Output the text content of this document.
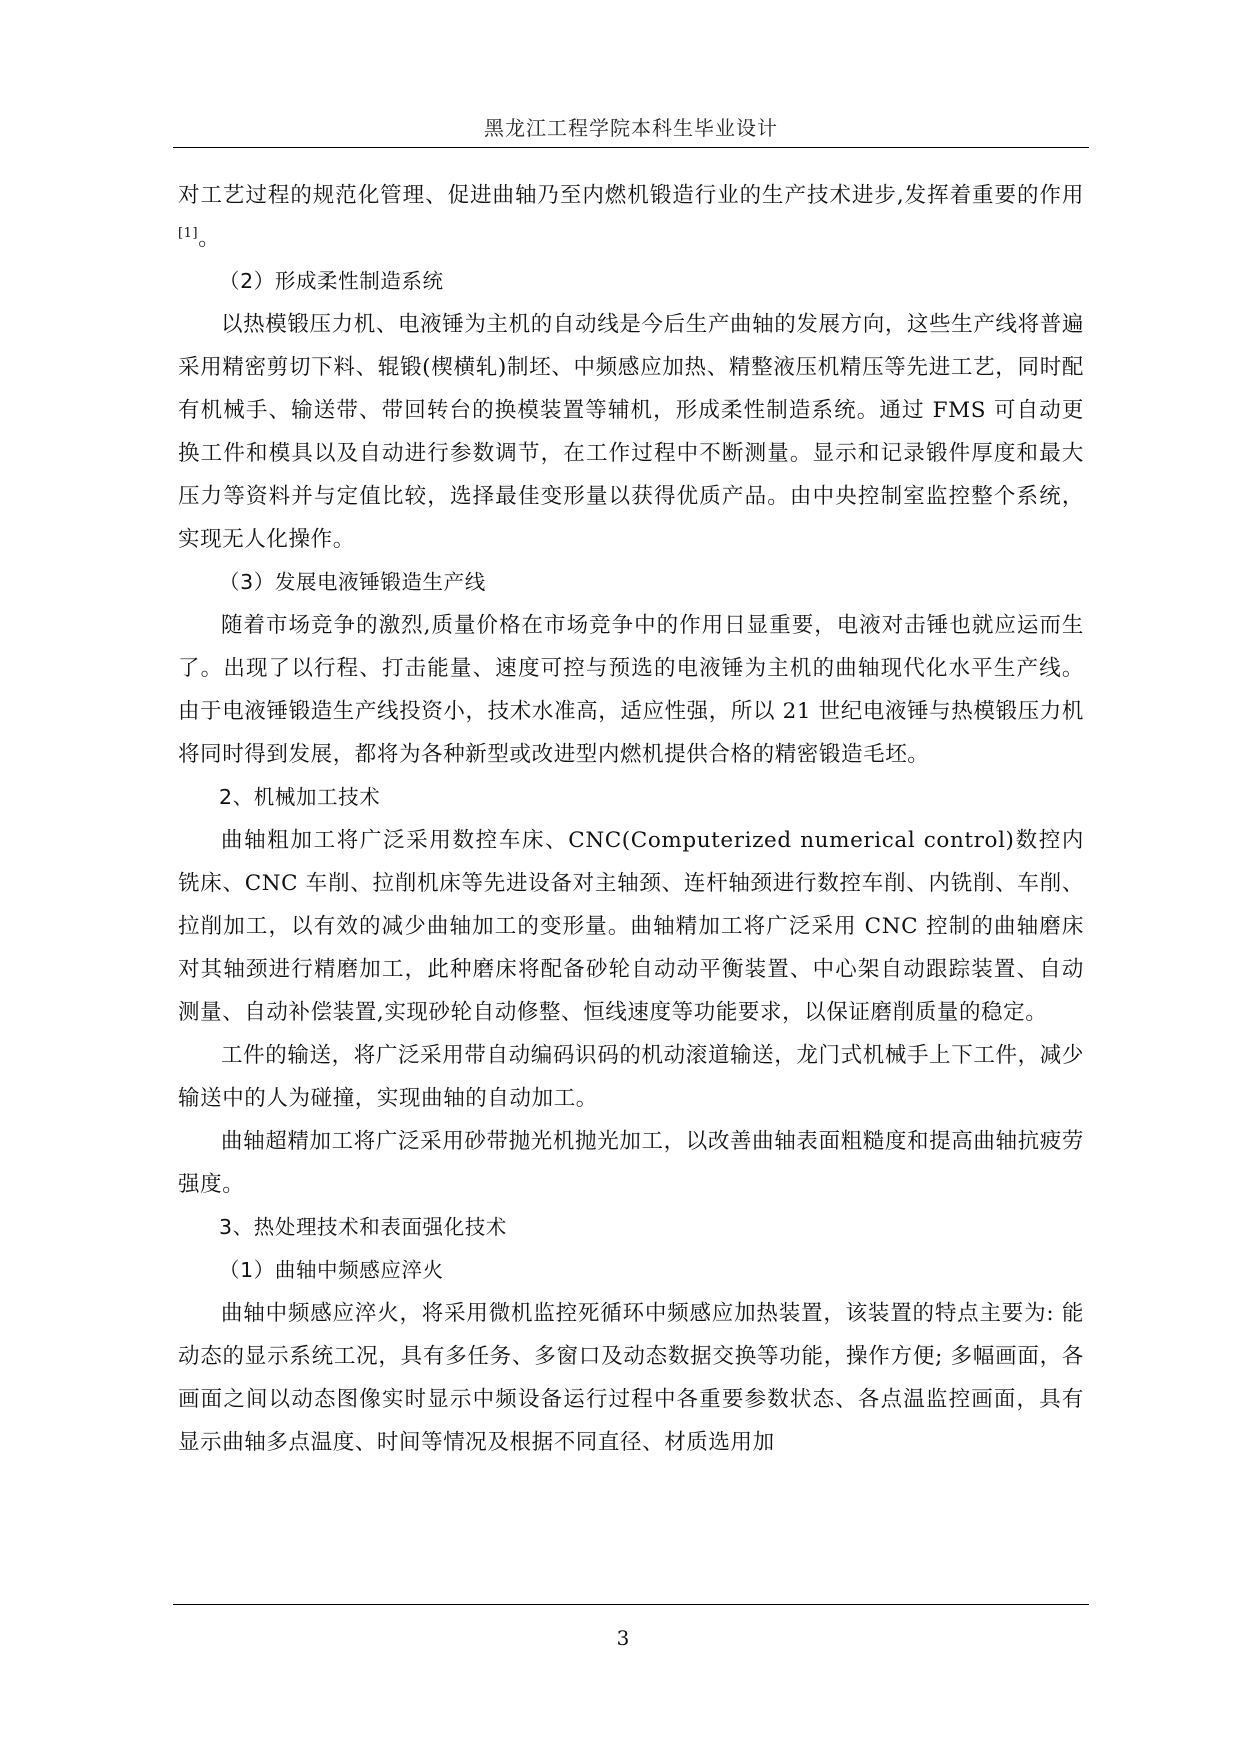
黑龙江工程学院本科生毕业设计

对工艺过程的规范化管理、促进曲轴乃至内燃机锻造行业的生产技术进步,发挥着重要的作用[1]。

（2）形成柔性制造系统

以热模锻压力机、电液锤为主机的自动线是今后生产曲轴的发展方向，这些生产线将普遍采用精密剪切下料、辊锻(楔横轧)制坯、中频感应加热、精整液压机精压等先进工艺，同时配有机械手、输送带、带回转台的换模装置等辅机，形成柔性制造系统。通过 FMS 可自动更换工件和模具以及自动进行参数调节，在工作过程中不断测量。显示和记录锻件厚度和最大压力等资料并与定值比较，选择最佳变形量以获得优质产品。由中央控制室监控整个系统，实现无人化操作。

（3）发展电液锤锻造生产线

随着市场竞争的激烈,质量价格在市场竞争中的作用日显重要，电液对击锤也就应运而生了。出现了以行程、打击能量、速度可控与预选的电液锤为主机的曲轴现代化水平生产线。由于电液锤锻造生产线投资小，技术水准高，适应性强，所以 21 世纪电液锤与热模锻压力机将同时得到发展，都将为各种新型或改进型内燃机提供合格的精密锻造毛坯。

2、机械加工技术

曲轴粗加工将广泛采用数控车床、CNC(Computerized numerical control)数控内铣床、CNC 车削、拉削机床等先进设备对主轴颈、连杆轴颈进行数控车削、内铣削、车削、拉削加工，以有效的减少曲轴加工的变形量。曲轴精加工将广泛采用 CNC 控制的曲轴磨床对其轴颈进行精磨加工，此种磨床将配备砂轮自动动平衡装置、中心架自动跟踪装置、自动测量、自动补偿装置,实现砂轮自动修整、恒线速度等功能要求，以保证磨削质量的稳定。

工件的输送，将广泛采用带自动编码识码的机动滚道输送，龙门式机械手上下工件，减少输送中的人为碰撞，实现曲轴的自动加工。

曲轴超精加工将广泛采用砂带抛光机抛光加工，以改善曲轴表面粗糙度和提高曲轴抗疲劳强度。

3、热处理技术和表面强化技术

（1）曲轴中频感应淬火

曲轴中频感应淬火，将采用微机监控死循环中频感应加热装置，该装置的特点主要为: 能动态的显示系统工况，具有多任务、多窗口及动态数据交换等功能，操作方便; 多幅画面，各画面之间以动态图像实时显示中频设备运行过程中各重要参数状态、各点温监控画面，具有显示曲轴多点温度、时间等情况及根据不同直径、材质选用加

3
